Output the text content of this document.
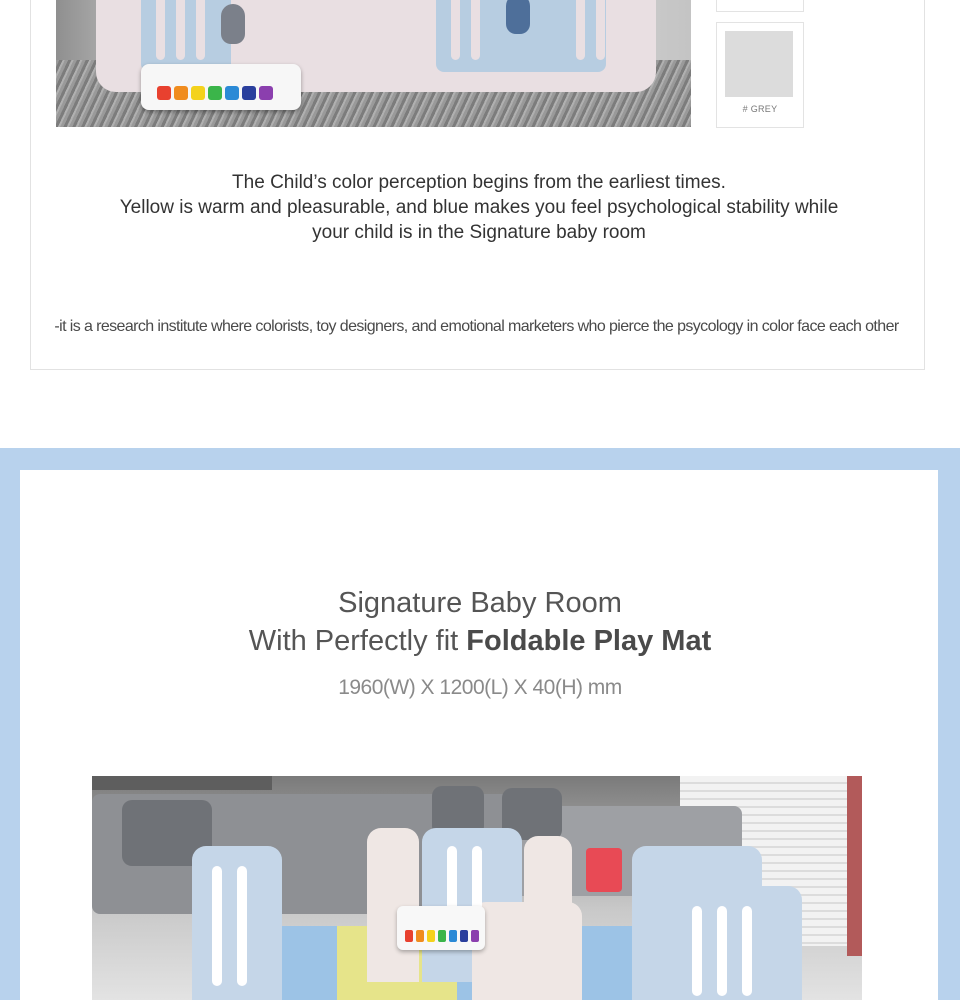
# GREY
The Child’s color perception begins from the earliest times.
Yellow is warm and pleasurable, and blue makes you feel psychological stability while
your child is in the Signature baby room
-it is a research institute where colorists, toy designers, and emotional marketers who pierce the psycology in color face each other
Signature Baby Room
With Perfectly fit Foldable Play Mat
1960(W) X 1200(L) X 40(H) mm
